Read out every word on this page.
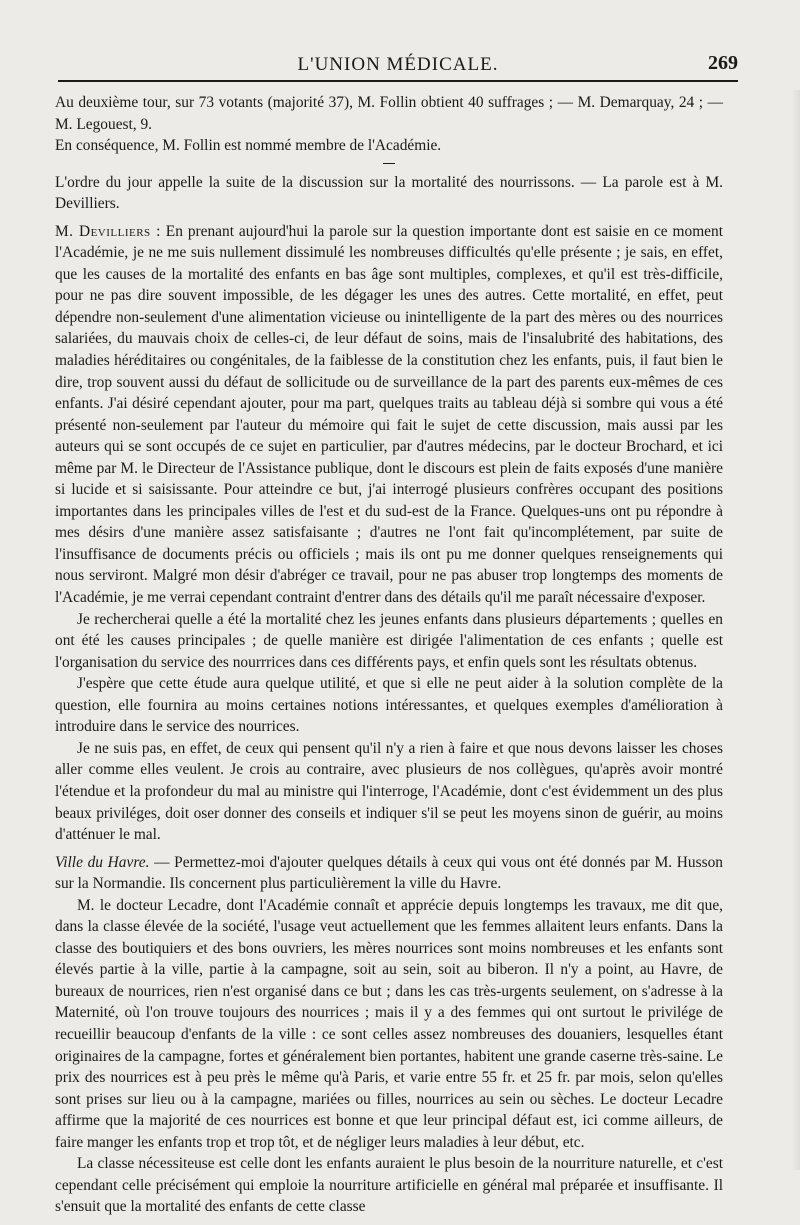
L'UNION MÉDICALE.	269

Au deuxième tour, sur 73 votants (majorité 37), M. Follin obtient 40 suffrages ; — M. Demarquay, 24 ; — M. Legouest, 9.

En conséquence, M. Follin est nommé membre de l'Académie.

L'ordre du jour appelle la suite de la discussion sur la mortalité des nourrissons. — La parole est à M. Devilliers.

M. Devilliers : En prenant aujourd'hui la parole sur la question importante dont est saisie en ce moment l'Académie, je ne me suis nullement dissimulé les nombreuses difficultés qu'elle présente ; je sais, en effet, que les causes de la mortalité des enfants en bas âge sont multiples, complexes, et qu'il est très-difficile, pour ne pas dire souvent impossible, de les dégager les unes des autres. Cette mortalité, en effet, peut dépendre non-seulement d'une alimentation vicieuse ou inintelligente de la part des mères ou des nourrices salariées, du mauvais choix de celles-ci, de leur défaut de soins, mais de l'insalubrité des habitations, des maladies héréditaires ou congénitales, de la faiblesse de la constitution chez les enfants, puis, il faut bien le dire, trop souvent aussi du défaut de sollicitude ou de surveillance de la part des parents eux-mêmes de ces enfants. J'ai désiré cependant ajouter, pour ma part, quelques traits au tableau déjà si sombre qui vous a été présenté non-seulement par l'auteur du mémoire qui fait le sujet de cette discussion, mais aussi par les auteurs qui se sont occupés de ce sujet en particulier, par d'autres médecins, par le docteur Brochard, et ici même par M. le Directeur de l'Assistance publique, dont le discours est plein de faits exposés d'une manière si lucide et si saisissante. Pour atteindre ce but, j'ai interrogé plusieurs confrères occupant des positions importantes dans les principales villes de l'est et du sud-est de la France. Quelques-uns ont pu répondre à mes désirs d'une manière assez satisfaisante ; d'autres ne l'ont fait qu'incomplétement, par suite de l'insuffisance de documents précis ou officiels ; mais ils ont pu me donner quelques renseignements qui nous serviront. Malgré mon désir d'abréger ce travail, pour ne pas abuser trop longtemps des moments de l'Académie, je me verrai cependant contraint d'entrer dans des détails qu'il me paraît nécessaire d'exposer.

Je rechercherai quelle a été la mortalité chez les jeunes enfants dans plusieurs départements ; quelles en ont été les causes principales ; de quelle manière est dirigée l'alimentation de ces enfants ; quelle est l'organisation du service des nourrrices dans ces différents pays, et enfin quels sont les résultats obtenus.

J'espère que cette étude aura quelque utilité, et que si elle ne peut aider à la solution complète de la question, elle fournira au moins certaines notions intéressantes, et quelques exemples d'amélioration à introduire dans le service des nourrices.

Je ne suis pas, en effet, de ceux qui pensent qu'il n'y a rien à faire et que nous devons laisser les choses aller comme elles veulent. Je crois au contraire, avec plusieurs de nos collègues, qu'après avoir montré l'étendue et la profondeur du mal au ministre qui l'interroge, l'Académie, dont c'est évidemment un des plus beaux priviléges, doit oser donner des conseils et indiquer s'il se peut les moyens sinon de guérir, au moins d'atténuer le mal.

Ville du Havre. — Permettez-moi d'ajouter quelques détails à ceux qui vous ont été donnés par M. Husson sur la Normandie. Ils concernent plus particulièrement la ville du Havre.

M. le docteur Lecadre, dont l'Académie connaît et apprécie depuis longtemps les travaux, me dit que, dans la classe élevée de la société, l'usage veut actuellement que les femmes allaitent leurs enfants. Dans la classe des boutiquiers et des bons ouvriers, les mères nourrices sont moins nombreuses et les enfants sont élevés partie à la ville, partie à la campagne, soit au sein, soit au biberon. Il n'y a point, au Havre, de bureaux de nourrices, rien n'est organisé dans ce but ; dans les cas très-urgents seulement, on s'adresse à la Maternité, où l'on trouve toujours des nourrices ; mais il y a des femmes qui ont surtout le privilége de recueillir beaucoup d'enfants de la ville : ce sont celles assez nombreuses des douaniers, lesquelles étant originaires de la campagne, fortes et généralement bien portantes, habitent une grande caserne très-saine. Le prix des nourrices est à peu près le même qu'à Paris, et varie entre 55 fr. et 25 fr. par mois, selon qu'elles sont prises sur lieu ou à la campagne, mariées ou filles, nourrices au sein ou sèches. Le docteur Lecadre affirme que la majorité de ces nourrices est bonne et que leur principal défaut est, ici comme ailleurs, de faire manger les enfants trop et trop tôt, et de négliger leurs maladies à leur début, etc.

La classe nécessiteuse est celle dont les enfants auraient le plus besoin de la nourriture naturelle, et c'est cependant celle précisément qui emploie la nourriture artificielle en général mal préparée et insuffisante. Il s'ensuit que la mortalité des enfants de cette classe
